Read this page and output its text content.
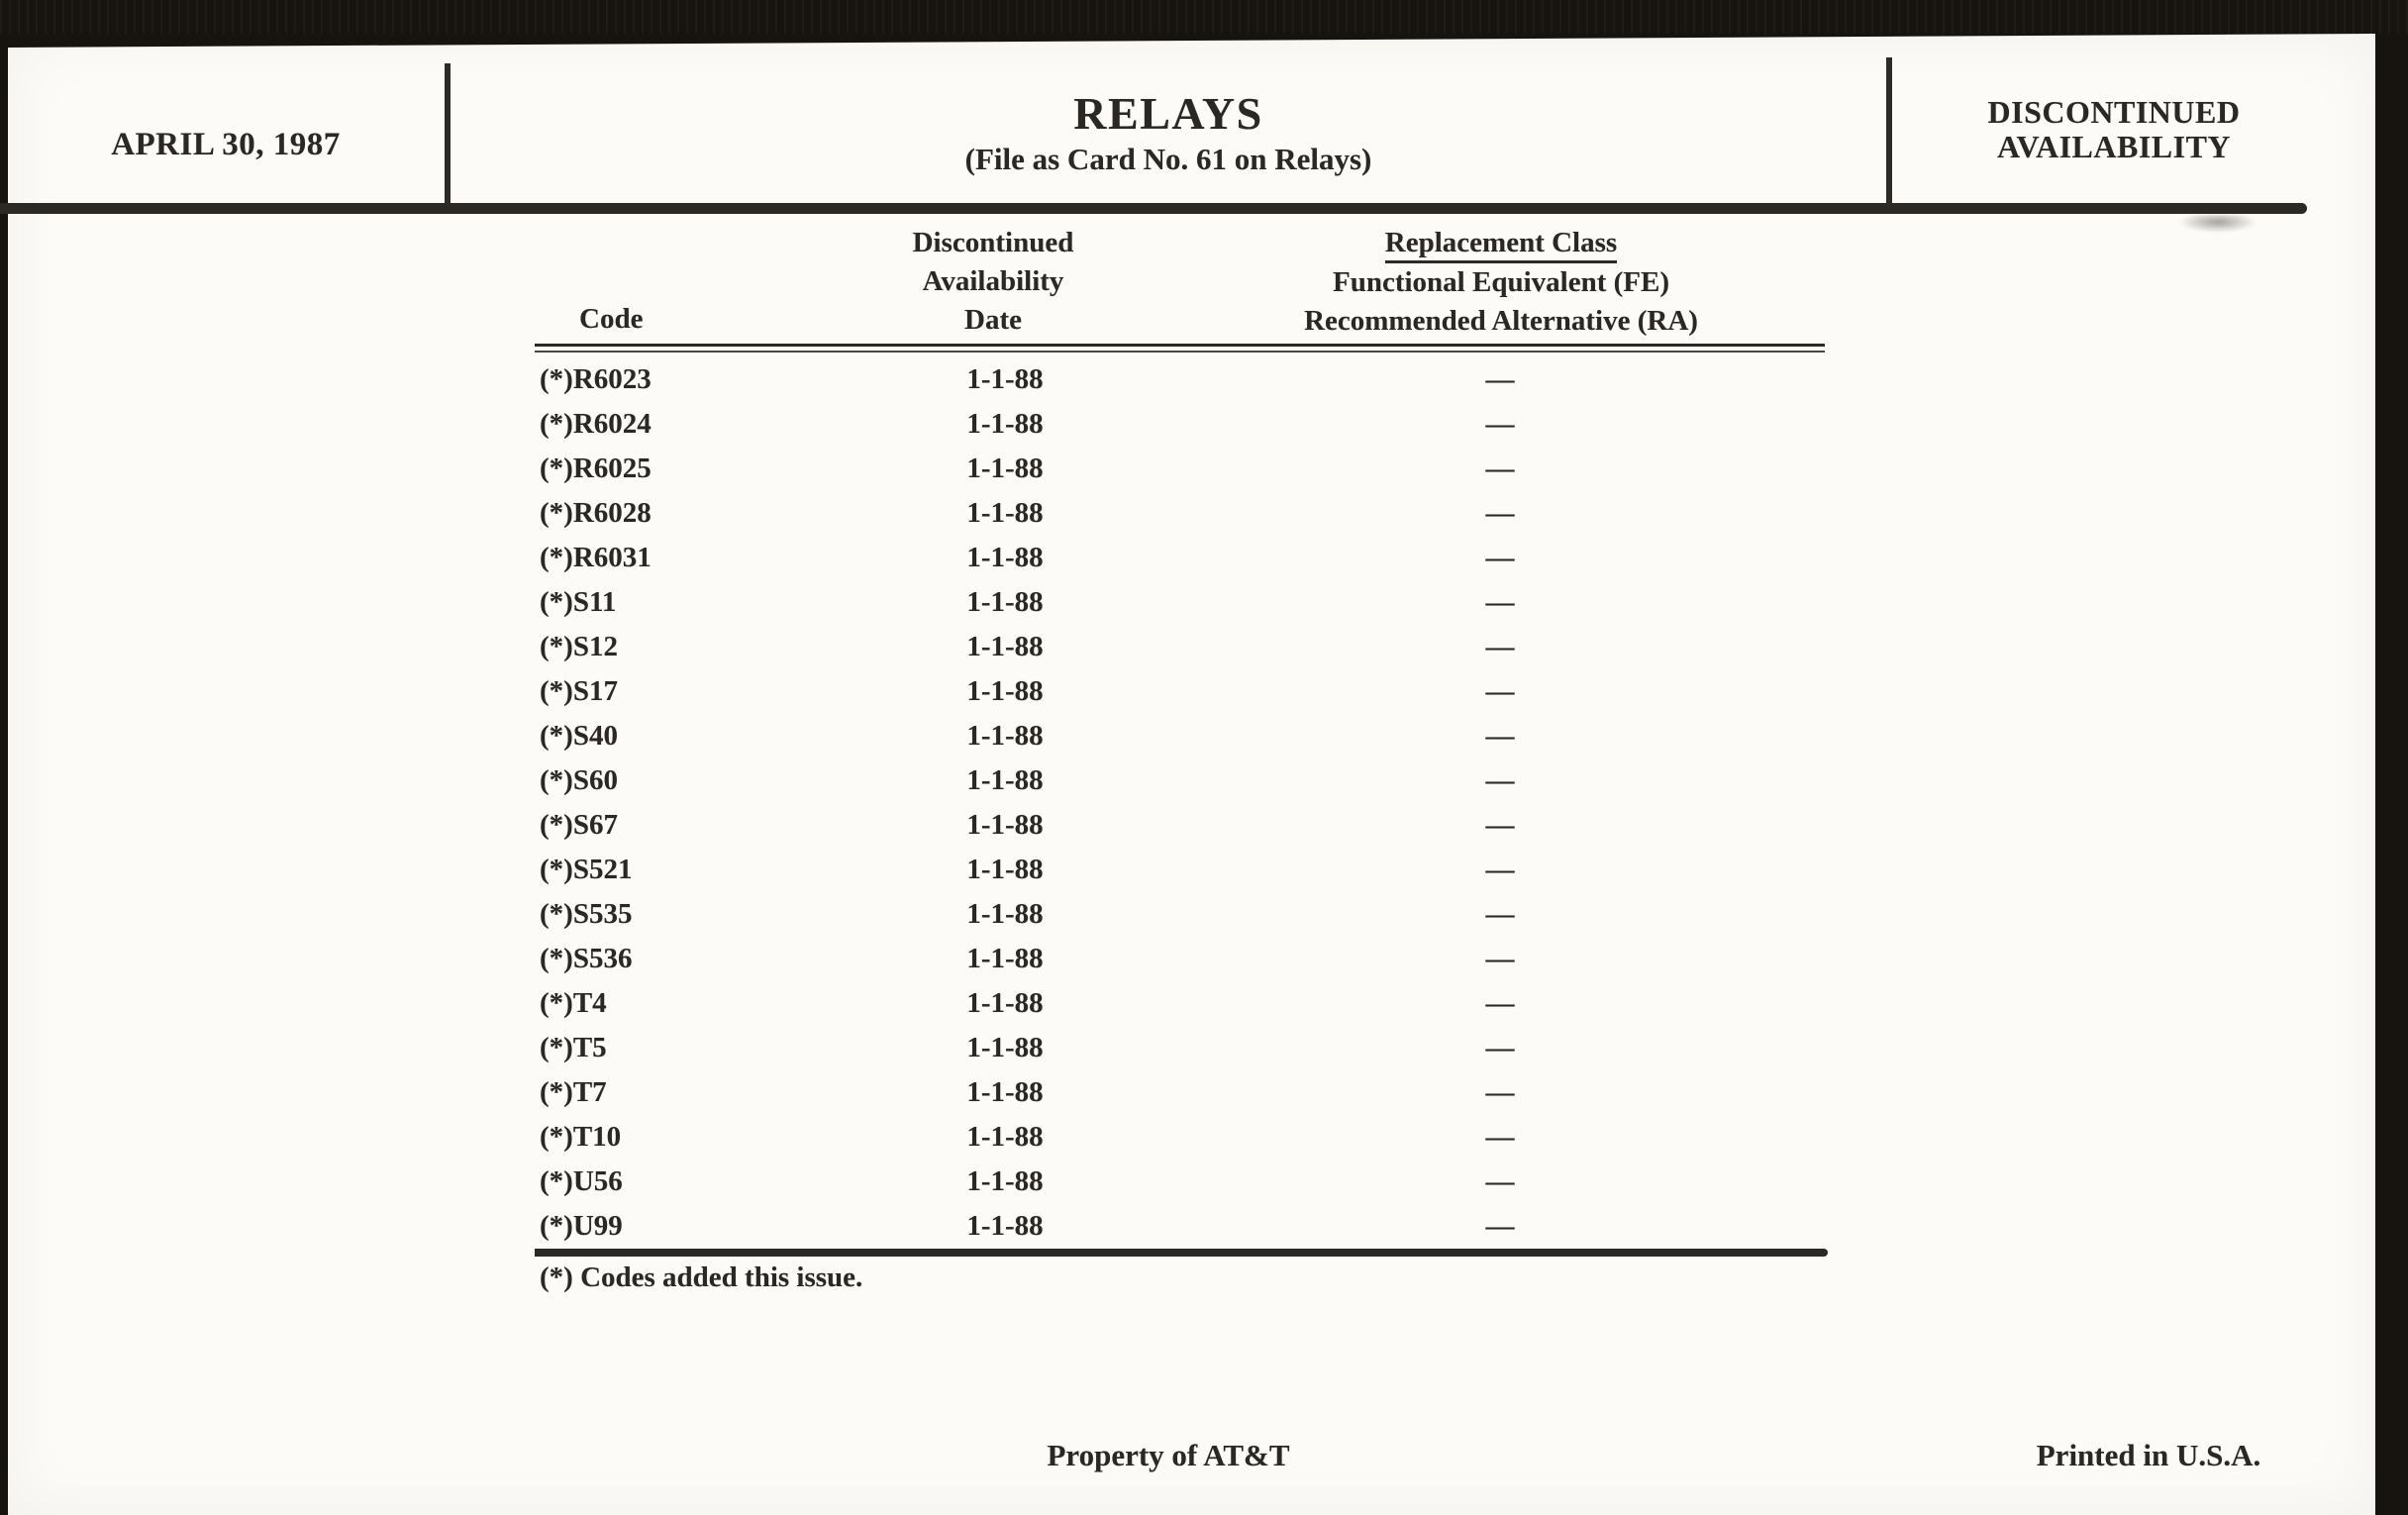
APRIL 30, 1987
RELAYS
(File as Card No. 61 on Relays)
DISCONTINUED
AVAILABILITY
Code
Discontinued
Availability
Date
Replacement Class
Functional Equivalent (FE)
Recommended Alternative (RA)
(*)R6023	1-1-88	—
(*)R6024	1-1-88	—
(*)R6025	1-1-88	—
(*)R6028	1-1-88	—
(*)R6031	1-1-88	—
(*)S11	1-1-88	—
(*)S12	1-1-88	—
(*)S17	1-1-88	—
(*)S40	1-1-88	—
(*)S60	1-1-88	—
(*)S67	1-1-88	—
(*)S521	1-1-88	—
(*)S535	1-1-88	—
(*)S536	1-1-88	—
(*)T4	1-1-88	—
(*)T5	1-1-88	—
(*)T7	1-1-88	—
(*)T10	1-1-88	—
(*)U56	1-1-88	—
(*)U99	1-1-88	—
(*) Codes added this issue.
Property of AT&T	Printed in U.S.A.
